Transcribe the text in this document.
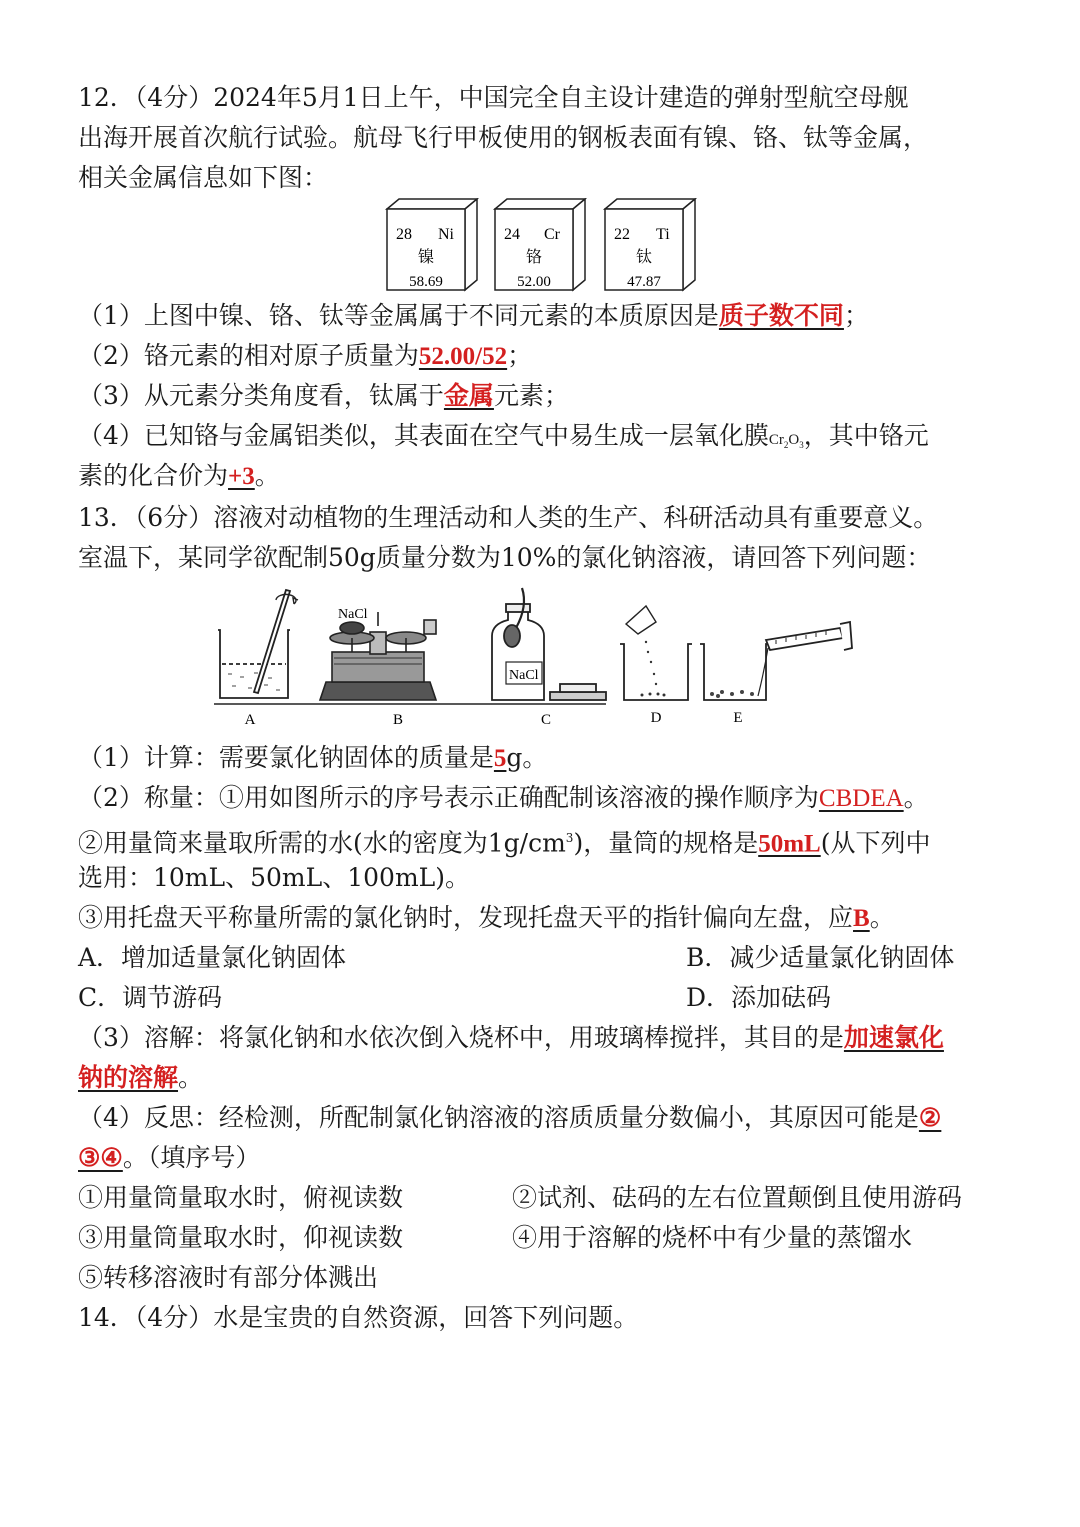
12．（4分）2024年5月1日上午，中国完全自主设计建造的弹射型航空母舰
出海开展首次航行试验。航母飞行甲板使用的钢板表面有镍、铬、钛等金属，
相关金属信息如下图：
28 Ni
镍
58.69
24 Cr
铬
52.00
22 Ti
钛
47.87
（1）上图中镍、铬、钛等金属属于不同元素的本质原因是质子数不同；
（2）铬元素的相对原子质量为52.00/52；
（3）从元素分类角度看，钛属于金属元素；
（4）已知铬与金属铝类似，其表面在空气中易生成一层氧化膜$Cr_2O_3$，其中铬元
素的化合价为+3。
13．（6分）溶液对动植物的生理活动和人类的生产、科研活动具有重要意义。
室温下，某同学欲配制50g质量分数为10%的氯化钠溶液，请回答下列问题：
NaCl
NaCl
A	B	C	D	E
（1）计算：需要氯化钠固体的质量是5g。
（2）称量：①用如图所示的序号表示正确配制该溶液的操作顺序为CBDEA。
②用量筒来量取所需的水(水的密度为$1g/cm^3$)，量筒的规格是50mL(从下列中
选用：10mL、50mL、100mL)。
③用托盘天平称量所需的氯化钠时，发现托盘天平的指针偏向左盘，应B。
A．增加适量氯化钠固体	B．减少适量氯化钠固体
C．调节游码	D．添加砝码
（3）溶解：将氯化钠和水依次倒入烧杯中，用玻璃棒搅拌，其目的是加速氯化
钠的溶解。
（4）反思：经检测，所配制氯化钠溶液的溶质质量分数偏小，其原因可能是②
③④。（填序号）
①用量筒量取水时，俯视读数	②试剂、砝码的左右位置颠倒且使用游码
③用量筒量取水时，仰视读数	④用于溶解的烧杯中有少量的蒸馏水
⑤转移溶液时有部分体溅出
14．（4分）水是宝贵的自然资源，回答下列问题。
